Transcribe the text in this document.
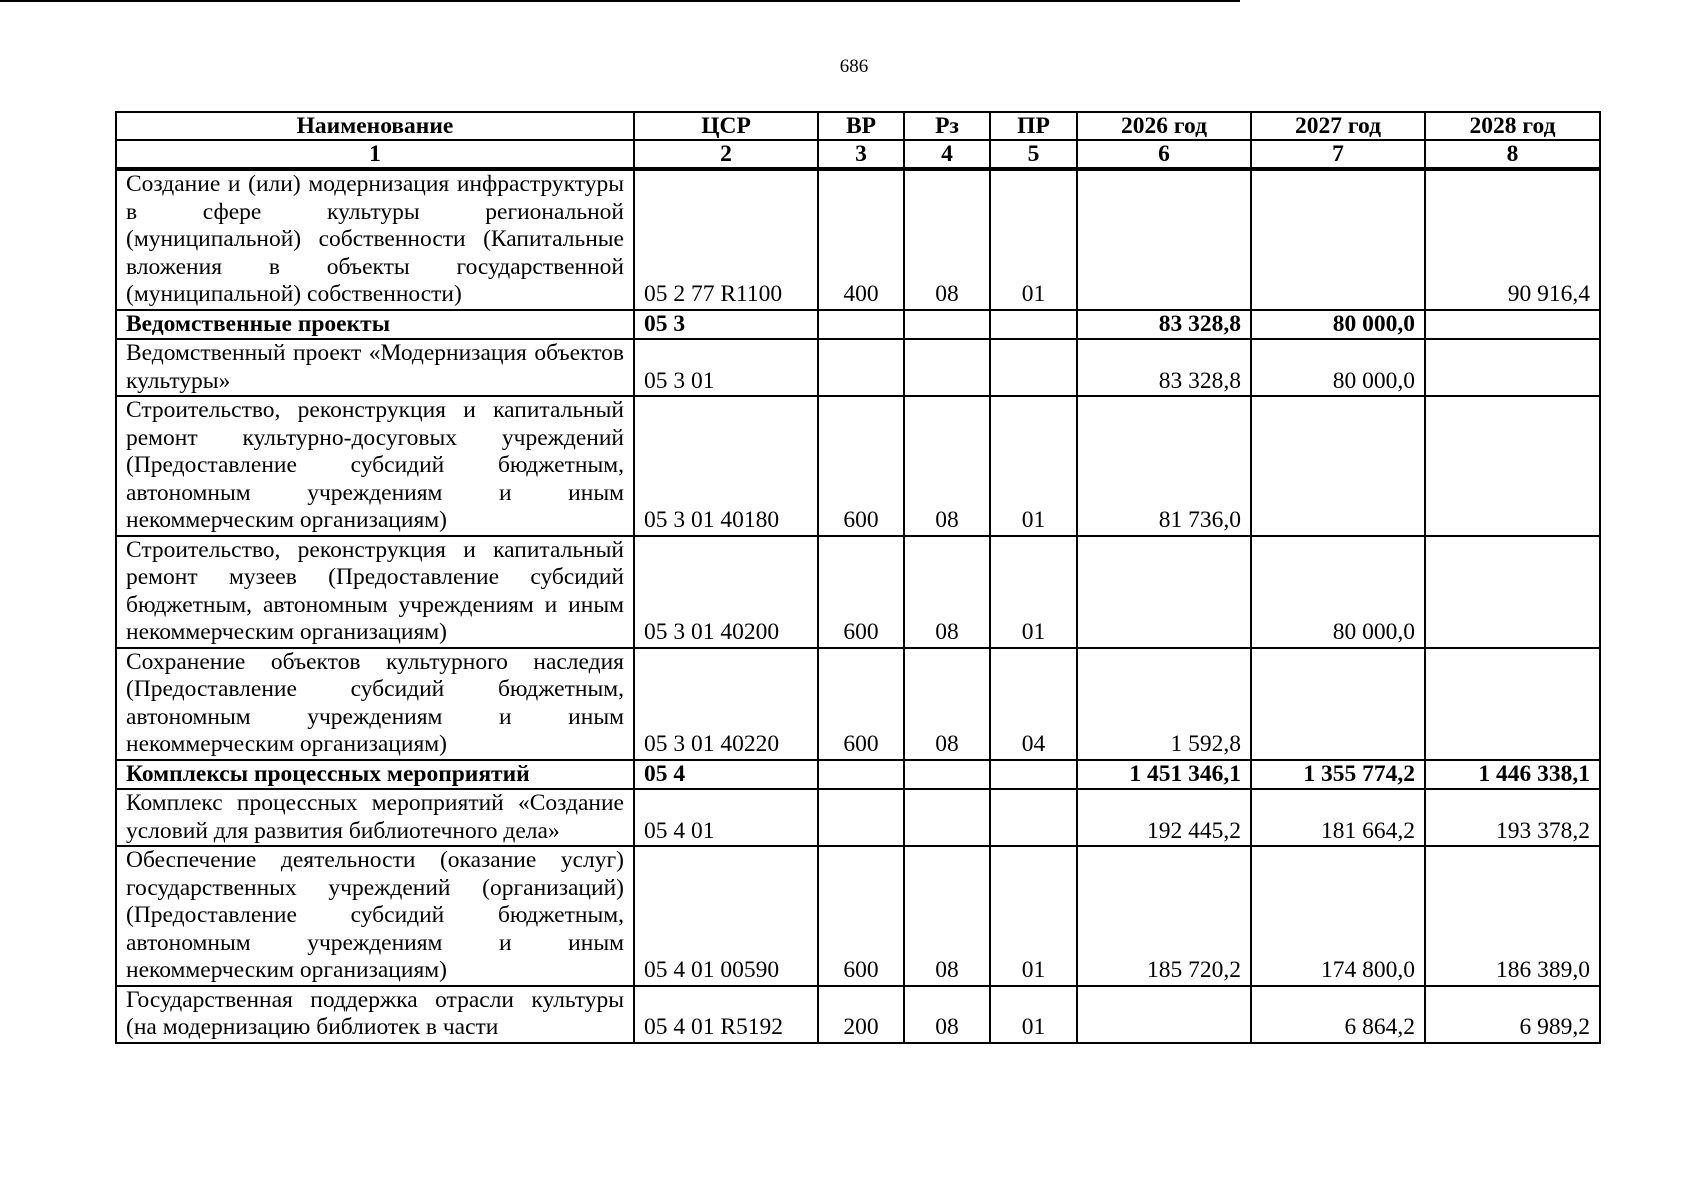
686
Наименование	ЦСР	ВР	Рз	ПР	2026 год	2027 год	2028 год
1	2	3	4	5	6	7	8
Создание и (или) модернизация инфраструктуры в сфере культуры региональной (муниципальной) собственности (Капитальные вложения в объекты государственной (муниципальной) собственности)	05 2 77 R1100	400	08	01			90 916,4
Ведомственные проекты	05 3				83 328,8	80 000,0	
Ведомственный проект «Модернизация объектов культуры»	05 3 01				83 328,8	80 000,0	
Строительство, реконструкция и капитальный ремонт культурно-досуговых учреждений (Предоставление субсидий бюджетным, автономным учреждениям и иным некоммерческим организациям)	05 3 01 40180	600	08	01	81 736,0		
Строительство, реконструкция и капитальный ремонт музеев (Предоставление субсидий бюджетным, автономным учреждениям и иным некоммерческим организациям)	05 3 01 40200	600	08	01		80 000,0	
Сохранение объектов культурного наследия (Предоставление субсидий бюджетным, автономным учреждениям и иным некоммерческим организациям)	05 3 01 40220	600	08	04	1 592,8		
Комплексы процессных мероприятий	05 4				1 451 346,1	1 355 774,2	1 446 338,1
Комплекс процессных мероприятий «Создание условий для развития библиотечного дела»	05 4 01				192 445,2	181 664,2	193 378,2
Обеспечение деятельности (оказание услуг) государственных учреждений (организаций) (Предоставление субсидий бюджетным, автономным учреждениям и иным некоммерческим организациям)	05 4 01 00590	600	08	01	185 720,2	174 800,0	186 389,0
Государственная поддержка отрасли культуры (на модернизацию библиотек в части	05 4 01 R5192	200	08	01		6 864,2	6 989,2
